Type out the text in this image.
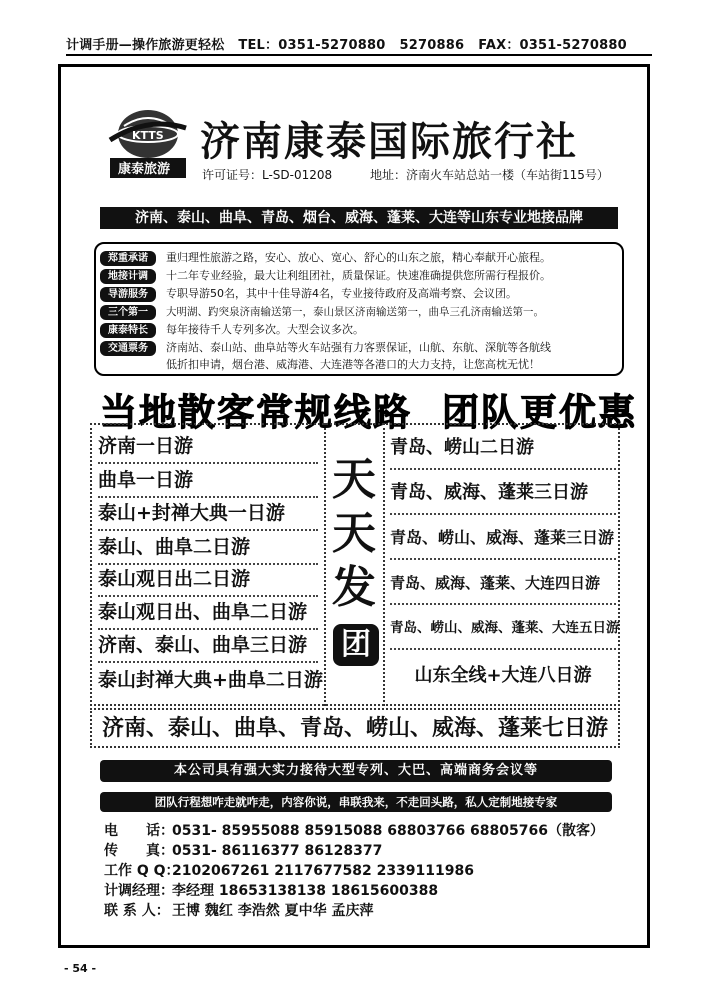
计调手册—操作旅游更轻松 TEL：0351-5270880 5270886 FAX：0351-5270880
KTTS
康泰旅游
济南康泰国际旅行社
许可证号：L-SD-01208	地址：济南火车站总站一楼（车站街115号）
济南、泰山、曲阜、青岛、烟台、威海、蓬莱、大连等山东专业地接品牌
郑重承诺	重归理性旅游之路，安心、放心、宽心、舒心的山东之旅，精心奉献开心旅程。
地接计调	十二年专业经验，最大让利组团社，质量保证。快速准确提供您所需行程报价。
导游服务	专职导游50名，其中十佳导游4名，专业接待政府及高端考察、会议团。
三个第一	大明湖、趵突泉济南输送第一，泰山景区济南输送第一，曲阜三孔济南输送第一。
康泰特长	每年接待千人专列多次。大型会议多次。
交通票务	济南站、泰山站、曲阜站等火车站强有力客票保证，山航、东航、深航等各航线
低折扣申请，烟台港、威海港、大连港等各港口的大力支持，让您高枕无忧！
当地散客常规线路 团队更优惠
济南一日游
曲阜一日游
泰山+封禅大典一日游
泰山、曲阜二日游
泰山观日出二日游
泰山观日出、曲阜二日游
济南、泰山、曲阜三日游
泰山封禅大典+曲阜二日游
天
天
发
团
青岛、崂山二日游
青岛、威海、蓬莱三日游
青岛、崂山、威海、蓬莱三日游
青岛、威海、蓬莱、大连四日游
青岛、崂山、威海、蓬莱、大连五日游
山东全线+大连八日游
济南、泰山、曲阜、青岛、崂山、威海、蓬莱七日游
本公司具有强大实力接待大型专列、大巴、高端商务会议等
团队行程想咋走就咋走，内容你说，串联我来，不走回头路，私人定制地接专家
电　　话：0531- 85955088 85915088 68803766 68805766（散客）
传　　真：0531- 86116377 86128377
工作 Q Q：2102067261 2117677582 2339111986
计调经理：李经理 18653138138 18615600388
联 系 人： 王博 魏红 李浩然 夏中华 孟庆萍
- 54 -
